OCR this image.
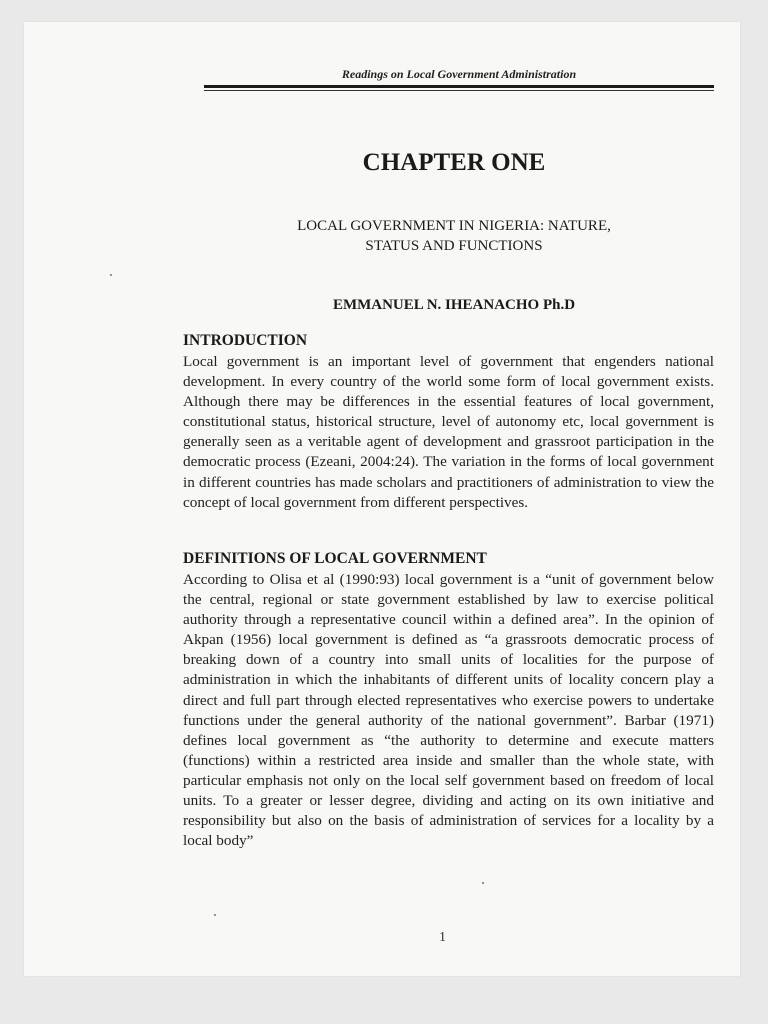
Readings on Local Government Administration
CHAPTER ONE
LOCAL GOVERNMENT IN NIGERIA: NATURE,
STATUS AND FUNCTIONS
EMMANUEL N. IHEANACHO Ph.D
INTRODUCTION
Local government is an important level of government that engenders national development. In every country of the world some form of local government exists. Although there may be differences in the essential features of local government, constitutional status, historical structure, level of autonomy etc, local government is generally seen as a veritable agent of development and grassroot participation in the democratic process (Ezeani, 2004:24). The variation in the forms of local government in different countries has made scholars and practitioners of administration to view the concept of local government from different perspectives.
DEFINITIONS OF LOCAL GOVERNMENT
According to Olisa et al (1990:93) local government is a “unit of government below the central, regional or state government established by law to exercise political authority through a representative council within a defined area”. In the opinion of Akpan (1956) local government is defined as “a grassroots democratic process of breaking down of a country into small units of localities for the purpose of administration in which the inhabitants of different units of locality concern play a direct and full part through elected representatives who exercise powers to undertake functions under the general authority of the national government”. Barbar (1971) defines local government as “the authority to determine and execute matters (functions) within a restricted area inside and smaller than the whole state, with particular emphasis not only on the local self government based on freedom of local units. To a greater or lesser degree, dividing and acting on its own initiative and responsibility but also on the basis of administration of services for a locality by a local body”
1
